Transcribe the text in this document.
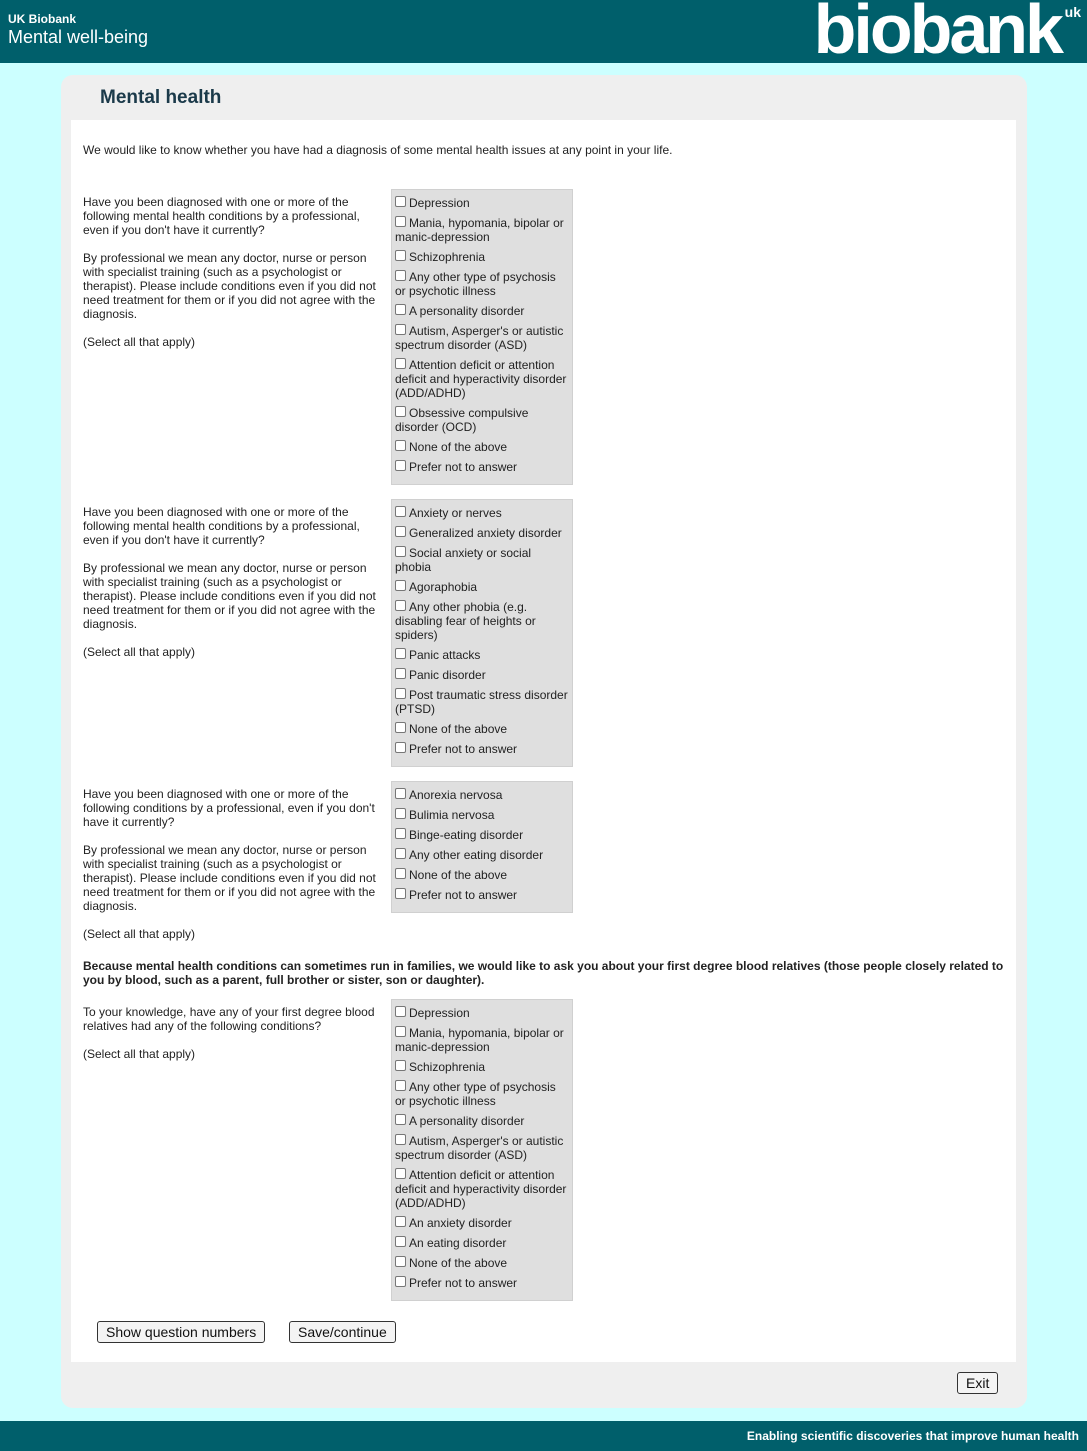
UK Biobank
Mental well-being	biobank uk
Mental health
We would like to know whether you have had a diagnosis of some mental health issues at any point in your life.

Have you been diagnosed with one or more of the following mental health conditions by a professional, even if you don't have it currently?

By professional we mean any doctor, nurse or person with specialist training (such as a psychologist or therapist). Please include conditions even if you did not need treatment for them or if you did not agree with the diagnosis.

(Select all that apply)

Depression
Mania, hypomania, bipolar or manic-depression
Schizophrenia
Any other type of psychosis or psychotic illness
A personality disorder
Autism, Asperger's or autistic spectrum disorder (ASD)
Attention deficit or attention deficit and hyperactivity disorder (ADD/ADHD)
Obsessive compulsive disorder (OCD)
None of the above
Prefer not to answer

Have you been diagnosed with one or more of the following mental health conditions by a professional, even if you don't have it currently?

By professional we mean any doctor, nurse or person with specialist training (such as a psychologist or therapist). Please include conditions even if you did not need treatment for them or if you did not agree with the diagnosis.

(Select all that apply)

Anxiety or nerves
Generalized anxiety disorder
Social anxiety or social phobia
Agoraphobia
Any other phobia (e.g. disabling fear of heights or spiders)
Panic attacks
Panic disorder
Post traumatic stress disorder (PTSD)
None of the above
Prefer not to answer

Have you been diagnosed with one or more of the following conditions by a professional, even if you don't have it currently?

By professional we mean any doctor, nurse or person with specialist training (such as a psychologist or therapist). Please include conditions even if you did not need treatment for them or if you did not agree with the diagnosis.

(Select all that apply)

Anorexia nervosa
Bulimia nervosa
Binge-eating disorder
Any other eating disorder
None of the above
Prefer not to answer
Because mental health conditions can sometimes run in families, we would like to ask you about your first degree blood relatives (those people closely related to you by blood, such as a parent, full brother or sister, son or daughter).

To your knowledge, have any of your first degree blood relatives had any of the following conditions?

(Select all that apply)

Depression
Mania, hypomania, bipolar or manic-depression
Schizophrenia
Any other type of psychosis or psychotic illness
A personality disorder
Autism, Asperger's or autistic spectrum disorder (ASD)
Attention deficit or attention deficit and hyperactivity disorder (ADD/ADHD)
An anxiety disorder
An eating disorder
None of the above
Prefer not to answer
Show question numbers	Save/continue
Exit
Enabling scientific discoveries that improve human health
